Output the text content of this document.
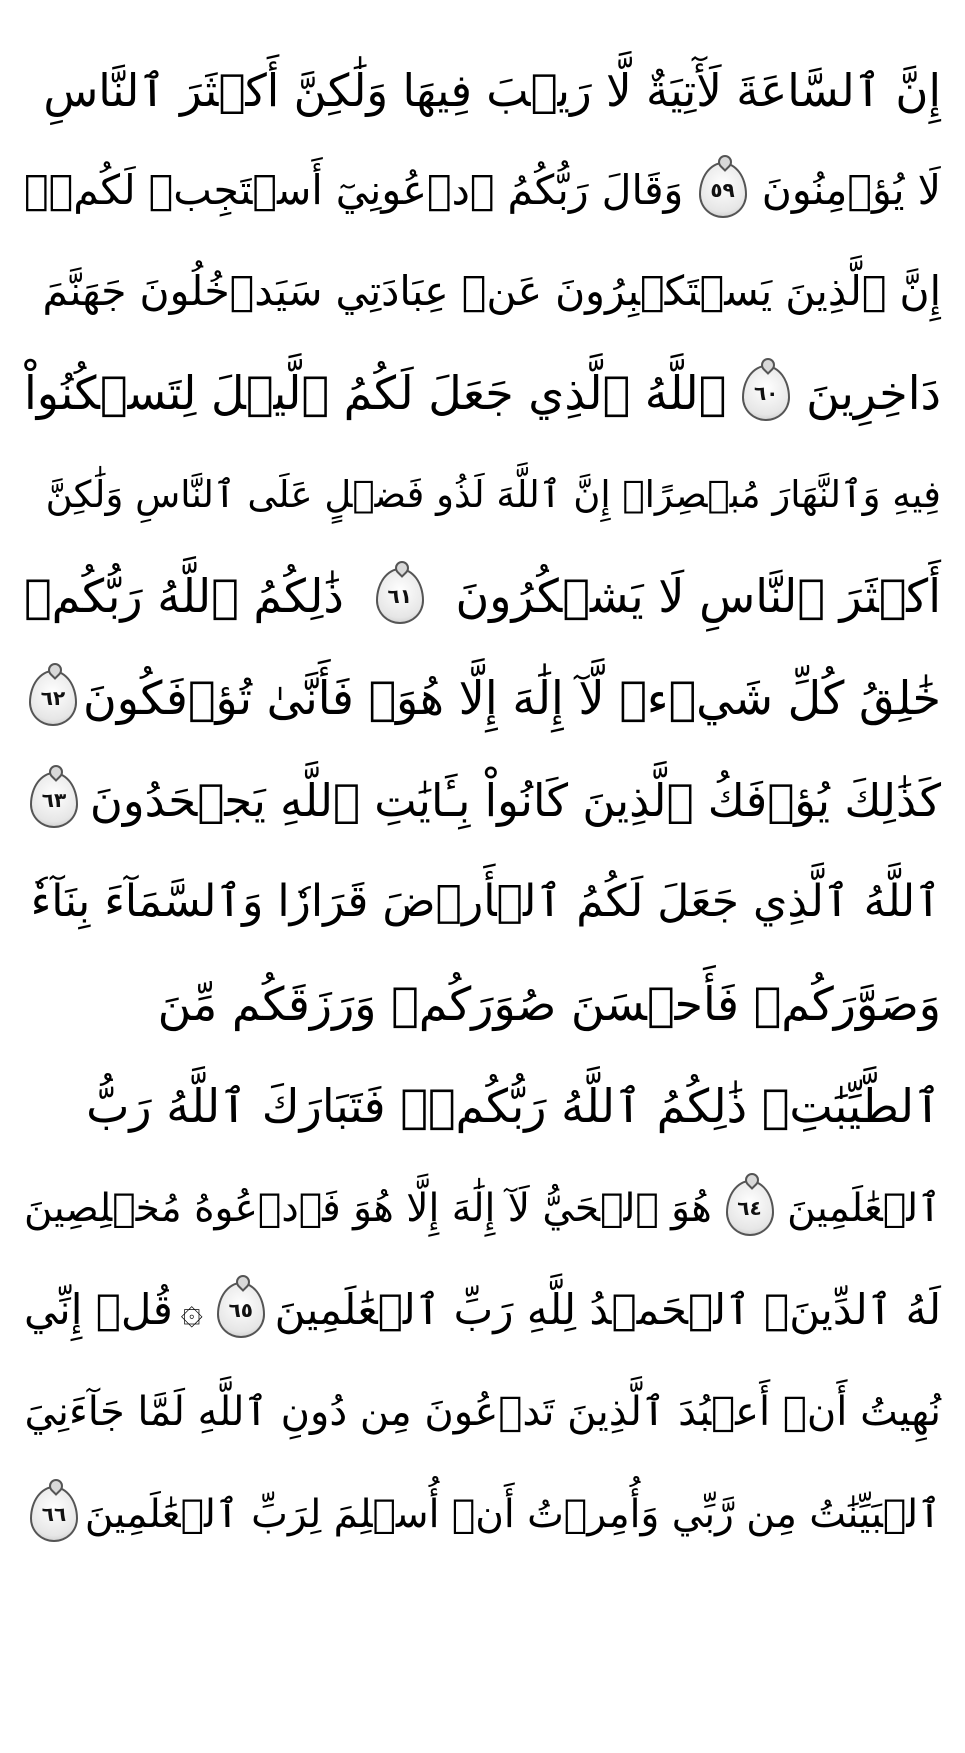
إِنَّ ٱلسَّاعَةَ لَأٓتِيَةٌ لَّا رَيۡبَ فِيهَا وَلَٰكِنَّ أَكۡثَرَ ٱلنَّاسِ
لَا يُؤۡمِنُونَ
٥٩
وَقَالَ رَبُّكُمُ ٱدۡعُونِيٓ أَسۡتَجِبۡ لَكُمۡۚ
إِنَّ ٱلَّذِينَ يَسۡتَكۡبِرُونَ عَنۡ عِبَادَتِي سَيَدۡخُلُونَ جَهَنَّمَ
دَاخِرِينَ
٦٠
ٱللَّهُ ٱلَّذِي جَعَلَ لَكُمُ ٱلَّيۡلَ لِتَسۡكُنُواْ
فِيهِ وَٱلنَّهَارَ مُبۡصِرًاۚ إِنَّ ٱللَّهَ لَذُو فَضۡلٍ عَلَى ٱلنَّاسِ وَلَٰكِنَّ
أَكۡثَرَ ٱلنَّاسِ لَا يَشۡكُرُونَ
٦١
ذَٰلِكُمُ ٱللَّهُ رَبُّكُمۡ
٦٢ خَٰلِقُ كُلِّ شَيۡءٖ لَّآ إِلَٰهَ إِلَّا هُوَۖ فَأَنَّىٰ تُؤۡفَكُونَ
٦٣ كَذَٰلِكَ يُؤۡفَكُ ٱلَّذِينَ كَانُواْ بِـَٔايَٰتِ ٱللَّهِ يَجۡحَدُونَ
ٱللَّهُ ٱلَّذِي جَعَلَ لَكُمُ ٱلۡأَرۡضَ قَرَارٗا وَٱلسَّمَآءَ بِنَآءٗ
وَصَوَّرَكُمۡ فَأَحۡسَنَ صُوَرَكُمۡ وَرَزَقَكُم مِّنَ
ٱلطَّيِّبَٰتِۚ ذَٰلِكُمُ ٱللَّهُ رَبُّكُمۡۖ فَتَبَارَكَ ٱللَّهُ رَبُّ
ٱلۡعَٰلَمِينَ
٦٤
هُوَ ٱلۡحَيُّ لَآ إِلَٰهَ إِلَّا هُوَ فَٱدۡعُوهُ مُخۡلِصِينَ
لَهُ ٱلدِّينَۗ ٱلۡحَمۡدُ لِلَّهِ رَبِّ ٱلۡعَٰلَمِينَ
٦٥
۞
قُلۡ إِنِّي
نُهِيتُ أَنۡ أَعۡبُدَ ٱلَّذِينَ تَدۡعُونَ مِن دُونِ ٱللَّهِ لَمَّا جَآءَنِيَ
٦٦ ٱلۡبَيِّنَٰتُ مِن رَّبِّي وَأُمِرۡتُ أَنۡ أُسۡلِمَ لِرَبِّ ٱلۡعَٰلَمِينَ
